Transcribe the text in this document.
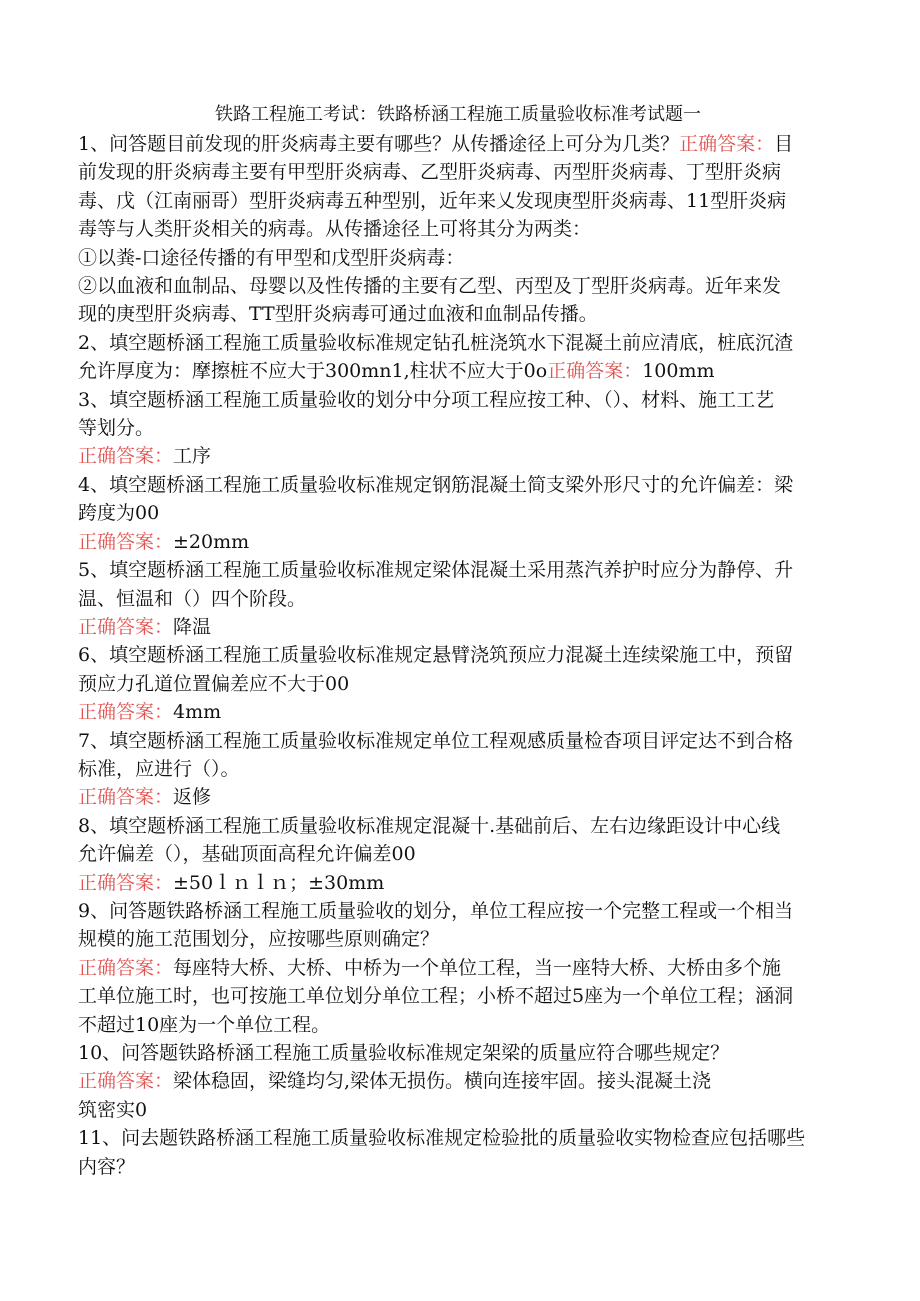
铁路工程施工考试：铁路桥涵工程施工质量验收标准考试题一
1、问答题目前发现的肝炎病毒主要有哪些？从传播途径上可分为几类？正确答案：目
前发现的肝炎病毒主要有甲型肝炎病毒、乙型肝炎病毒、丙型肝炎病毒、丁型肝炎病
毒、戊（江南丽哥）型肝炎病毒五种型别，近年来乂发现庚型肝炎病毒、11型肝炎病
毒等与人类肝炎相关的病毒。从传播途径上可将其分为两类：
①以粪-口途径传播的有甲型和戊型肝炎病毒：
②以血液和血制品、母婴以及性传播的主要有乙型、丙型及丁型肝炎病毒。近年来发
现的庚型肝炎病毒、TT型肝炎病毒可通过血液和血制品传播。
2、填空题桥涵工程施工质量验收标准规定钻孔桩浇筑水下混凝土前应清底，桩底沉渣
允许厚度为：摩擦桩不应大于300mn1,柱状不应大于0o正确答案：100mm
3、填空题桥涵工程施工质量验收的划分中分项工程应按工种、（）、材料、施工工艺
等划分。
正确答案：工序
4、填空题桥涵工程施工质量验收标准规定钢筋混凝土简支梁外形尺寸的允许偏差：梁
跨度为00
正确答案：±20mm
5、填空题桥涵工程施工质量验收标准规定梁体混凝土采用蒸汽养护时应分为静停、升
温、恒温和（）四个阶段。
正确答案：降温
6、填空题桥涵工程施工质量验收标准规定悬臂浇筑预应力混凝土连续梁施工中，预留
预应力孔道位置偏差应不大于00
正确答案：4mm
7、填空题桥涵工程施工质量验收标准规定单位工程观感质量检杳项目评定达不到合格
标准，应进行（）。
正确答案：返修
8、填空题桥涵工程施工质量验收标准规定混凝十.基础前后、左右边缘距设计中心线
允许偏差（），基础顶面高程允许偏差00
正确答案：±50ｌｎｌｎ；±30mm
9、问答题铁路桥涵工程施工质量验收的划分，单位工程应按一个完整工程或一个相当
规模的施工范围划分，应按哪些原则确定？
正确答案：每座特大桥、大桥、中桥为一个单位工程，当一座特大桥、大桥由多个施
工单位施工时，也可按施工单位划分单位工程；小桥不超过5座为一个单位工程；涵洞
不超过10座为一个单位工程。
10、问答题铁路桥涵工程施工质量验收标准规定架梁的质量应符合哪些规定？
正确答案：梁体稳固，梁缝均匀,梁体无损伤。横向连接牢固。接头混凝土浇
筑密实0
11、问去题铁路桥涵工程施工质量验收标准规定检验批的质量验收实物检查应包括哪些
内容？
